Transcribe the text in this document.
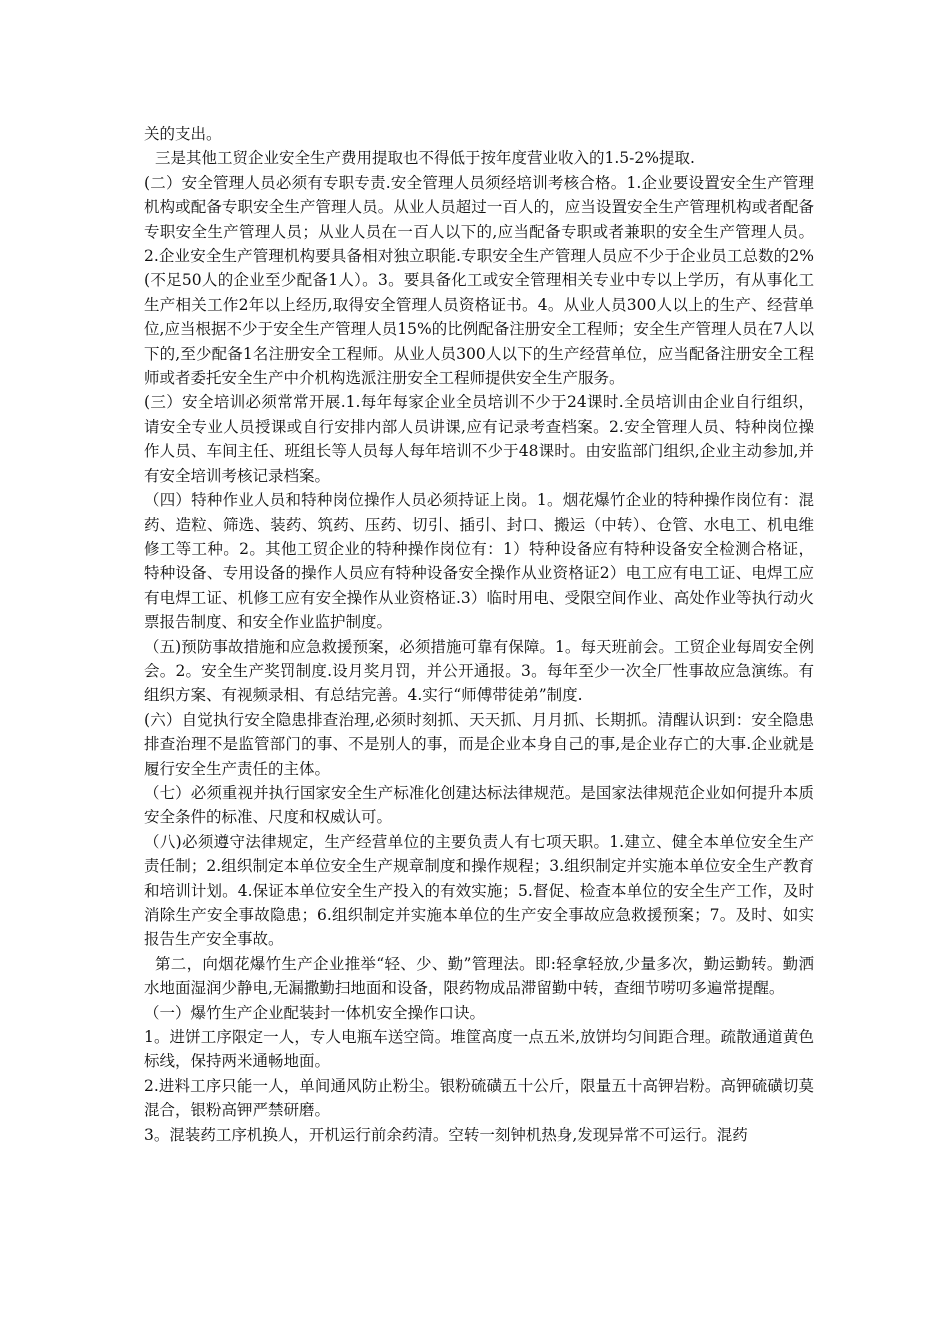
关的支出。

三是其他工贸企业安全生产费用提取也不得低于按年度营业收入的1.5-2%提取.

(二）安全管理人员必须有专职专责.安全管理人员须经培训考核合格。1.企业要设置安全生产管理机构或配备专职安全生产管理人员。从业人员超过一百人的，应当设置安全生产管理机构或者配备专职安全生产管理人员；从业人员在一百人以下的,应当配备专职或者兼职的安全生产管理人员。2.企业安全生产管理机构要具备相对独立职能.专职安全生产管理人员应不少于企业员工总数的2%(不足50人的企业至少配备1人）。3。要具备化工或安全管理相关专业中专以上学历，有从事化工生产相关工作2年以上经历,取得安全管理人员资格证书。4。从业人员300人以上的生产、经营单位,应当根据不少于安全生产管理人员15%的比例配备注册安全工程师；安全生产管理人员在7人以下的,至少配备1名注册安全工程师。从业人员300人以下的生产经营单位，应当配备注册安全工程师或者委托安全生产中介机构选派注册安全工程师提供安全生产服务。

(三）安全培训必须常常开展.1.每年每家企业全员培训不少于24课时.全员培训由企业自行组织，请安全专业人员授课或自行安排内部人员讲课,应有记录考查档案。2.安全管理人员、特种岗位操作人员、车间主任、班组长等人员每人每年培训不少于48课时。由安监部门组织,企业主动参加,并有安全培训考核记录档案。

（四）特种作业人员和特种岗位操作人员必须持证上岗。1。烟花爆竹企业的特种操作岗位有：混药、造粒、筛选、装药、筑药、压药、切引、插引、封口、搬运（中转）、仓管、水电工、机电维修工等工种。2。其他工贸企业的特种操作岗位有：1）特种设备应有特种设备安全检测合格证，特种设备、专用设备的操作人员应有特种设备安全操作从业资格证2）电工应有电工证、电焊工应有电焊工证、机修工应有安全操作从业资格证.3）临时用电、受限空间作业、高处作业等执行动火票报告制度、和安全作业监护制度。

（五)预防事故措施和应急救援预案，必须措施可靠有保障。1。每天班前会。工贸企业每周安全例会。2。安全生产奖罚制度.设月奖月罚，并公开通报。3。每年至少一次全厂性事故应急演练。有组织方案、有视频录相、有总结完善。4.实行“师傅带徒弟”制度.

(六）自觉执行安全隐患排查治理,必须时刻抓、天天抓、月月抓、长期抓。清醒认识到：安全隐患排查治理不是监管部门的事、不是别人的事，而是企业本身自己的事,是企业存亡的大事.企业就是履行安全生产责任的主体。

（七）必须重视并执行国家安全生产标准化创建达标法律规范。是国家法律规范企业如何提升本质安全条件的标准、尺度和权威认可。

（八)必须遵守法律规定，生产经营单位的主要负责人有七项天职。1.建立、健全本单位安全生产责任制；2.组织制定本单位安全生产规章制度和操作规程；3.组织制定并实施本单位安全生产教育和培训计划。4.保证本单位安全生产投入的有效实施；5.督促、检查本单位的安全生产工作，及时消除生产安全事故隐患；6.组织制定并实施本单位的生产安全事故应急救援预案；7。及时、如实报告生产安全事故。

第二，向烟花爆竹生产企业推举“轻、少、勤”管理法。即:轻拿轻放,少量多次，勤运勤转。勤洒水地面湿润少静电,无漏撒勤扫地面和设备，限药物成品滞留勤中转，查细节唠叨多遍常提醒。

（一）爆竹生产企业配装封一体机安全操作口诀。

1。进饼工序限定一人，专人电瓶车送空筒。堆筐高度一点五米,放饼均匀间距合理。疏散通道黄色标线，保持两米通畅地面。

2.进料工序只能一人，单间通风防止粉尘。银粉硫磺五十公斤，限量五十高钾岩粉。高钾硫磺切莫混合，银粉高钾严禁研磨。

3。混装药工序机换人，开机运行前余药清。空转一刻钟机热身,发现异常不可运行。混药
